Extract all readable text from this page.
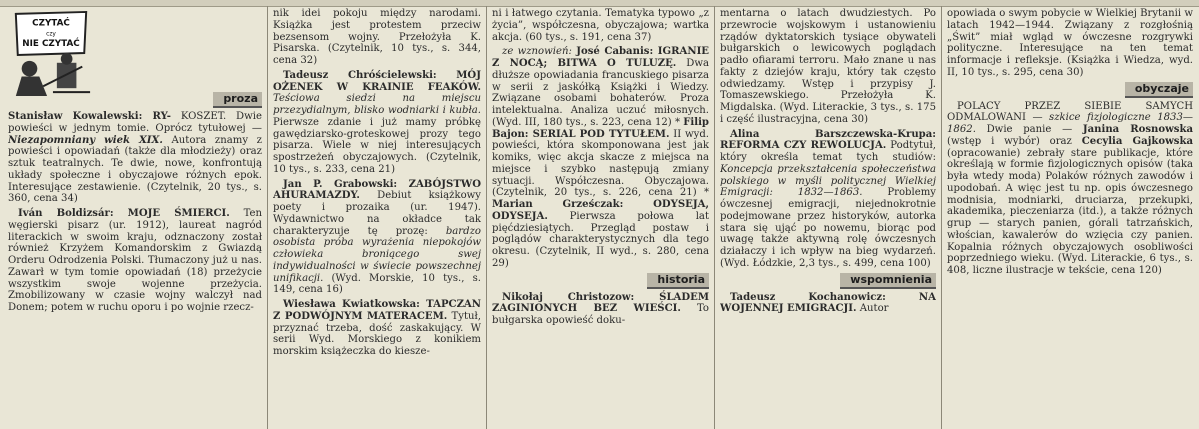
CZYTAĆ
czy
NIE CZYTAĆ
proza

Stanisław Kowalewski: RY- KOSZET. Dwie powieści w jednym tomie. Oprócz tytułowej — Niezapomniany wiek XIX. Autora znamy z powieści i opowiadań (także dla młodzieży) oraz sztuk teatralnych. Te dwie, nowe, konfrontują układy społeczne i obyczajowe różnych epok. Interesujące zestawienie. (Czytelnik, 20 tys., s. 360, cena 34)

Iván Boldizsár: MOJE ŚMIERCI. Ten węgierski pisarz (ur. 1912), laureat nagród literackich w swoim kraju, odznaczony został również Krzyżem Komandorskim z Gwiazdą Orderu Odrodzenia Polski. Tłumaczony już u nas. Zawarł w tym tomie opowiadań (18) przeżycie wszystkim swoje wojenne przeżycia. Zmobilizowany w czasie wojny walczył nad Donem; potem w ruchu oporu i po wojnie rzecz-

nik idei pokoju między narodami. Książka jest protestem przeciw bezsensom wojny. Przełożyła K. Pisarska. (Czytelnik, 10 tys., s. 344, cena 32)

Tadeusz Chróścielewski: MÓJ OŻENEK W KRAINIE FEAKÓW. Teściowa siedzi na miejscu przezydialnym, blisko wodniarki i kubła. Pierwsze zdanie i już mamy próbkę gawędziarsko-groteskowej prozy tego pisarza. Wiele w niej interesujących spostrzeżeń obyczajowych. (Czytelnik, 10 tys., s. 233, cena 21)

Jan P. Grabowski: ZABÓJSTWO AHURAMAZDY. Debiut książkowy poety i prozaika (ur. 1947). Wydawnictwo na okładce tak charakteryzuje tę prozę: bardzo osobista próba wyrażenia niepokojów człowieka broniącego swej indywidualności w świecie powszechnej unifikacji. (Wyd. Morskie, 10 tys., s. 149, cena 16)

Wiesława Kwiatkowska: TAPCZAN Z PODWÓJNYM MATERACEM. Tytuł, przyznać trzeba, dość zaskakujący. W serii Wyd. Morskiego z konikiem morskim książeczka do kiesze-

ni i łatwego czytania. Tematyka typowo „z życia”, współczesna, obyczajowa; wartka akcja. (60 tys., s. 191, cena 37)

ze wznowień: José Cabanis: IGRANIE Z NOCĄ; BITWA O TULUZĘ. Dwa dłuższe opowiadania francuskiego pisarza w serii z jaskółką Książki i Wiedzy. Związane osobami bohaterów. Proza intelektualna. Analiza uczuć miłosnych. (Wyd. III, 180 tys., s. 223, cena 12) * Filip Bajon: SERIAL POD TYTUŁEM. II wyd. powieści, która skomponowana jest jak komiks, więc akcja skacze z miejsca na miejsce i szybko następują zmiany sytuacji. Współczesna. Obyczajowa. (Czytelnik, 20 tys., s. 226, cena 21) * Marian Grześczak: ODYSEJA, ODYSEJA. Pierwsza połowa lat pięćdziesiątych. Przegląd postaw i poglądów charakterystycznych dla tego okresu. (Czytelnik, II wyd., s. 280, cena 29)

historia

Nikołaj Christozow: ŚLADEM ZAGINIONYCH BEZ WIEŚCI. To bułgarska opowieść doku-

mentarna o latach dwudziestych. Po przewrocie wojskowym i ustanowieniu rządów dyktatorskich tysiące obywateli bułgarskich o lewicowych poglądach padło ofiarami terroru. Mało znane u nas fakty z dziejów kraju, który tak często odwiedzamy. Wstęp i przypisy J. Tomaszewskiego. Przełożyła K. Migdalska. (Wyd. Literackie, 3 tys., s. 175 i część ilustracyjna, cena 30)

Alina Barszczewska-Krupa: REFORMA CZY REWOLUCJA. Podtytuł, który określa temat tych studiów: Koncepcja przekształcenia społeczeństwa polskiego w myśli politycznej Wielkiej Emigracji: 1832—1863. Problemy ówczesnej emigracji, niejednokrotnie podejmowane przez historyków, autorka stara się ująć po nowemu, biorąc pod uwagę także aktywną rolę ówczesnych działaczy i ich wpływ na bieg wydarzeń. (Wyd. Łódzkie, 2,3 tys., s. 499, cena 100)

wspomnienia

Tadeusz Kochanowicz: NA WOJENNEJ EMIGRACJI. Autor

opowiada o swym pobycie w Wielkiej Brytanii w latach 1942—1944. Związany z rozgłośnią „Świt” miał wgląd w ówczesne rozgrywki polityczne. Interesujące na ten temat informacje i refleksje. (Książka i Wiedza, wyd. II, 10 tys., s. 295, cena 30)

obyczaje

POLACY PRZEZ SIEBIE SAMYCH ODMALOWANI — szkice fizjologiczne 1833—1862. Dwie panie — Janina Rosnowska (wstęp i wybór) oraz Cecylia Gajkowska (opracowanie) zebrały stare publikacje, które określają w formie fizjologicznych opisów (taka była wtedy moda) Polaków różnych zawodów i upodobań. A więc jest tu np. opis ówczesnego modnisia, modniarki, druciarza, przekupki, akademika, pieczeniarza (itd.), a także różnych grup — starych panien, górali tatrzańskich, włościan, kawalerów do wzięcia czy panien. Kopalnia różnych obyczajowych osobliwości poprzedniego wieku. (Wyd. Literackie, 6 tys., s. 408, liczne ilustracje w tekście, cena 120)
